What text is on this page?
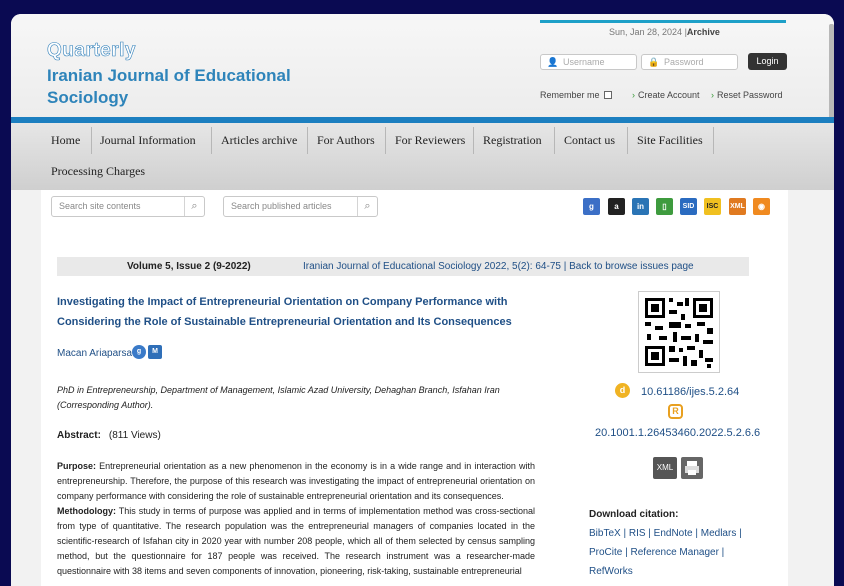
Quarterly
Iranian Journal of Educational
Sociology
Sun, Jan 28, 2024 |Archive
👤 Username	🔒 Password	Login
Remember me	› Create Account › Reset Password
Home Journal Information Articles archive For Authors For Reviewers Registration Contact us Site Facilities
Processing Charges
Search site contents	⌕	Search published articles	⌕	g	a	in	▯	SID	ISC	XML	◉
Volume 5, Issue 2 (9-2022)	Iranian Journal of Educational Sociology 2022, 5(2): 64-75 | Back to browse issues page
Investigating the Impact of Entrepreneurial Orientation on Company Performance with
Considering the Role of Sustainable Entrepreneurial Orientation and Its Consequences
Macan Ariaparsa g	M
PhD in Entrepreneurship, Department of Management, Islamic Azad University, Dehaghan Branch, Isfahan Iran (Corresponding Author).
Abstract: (811 Views)
Purpose: Entrepreneurial orientation as a new phenomenon in the economy is in a wide range and in interaction with entrepreneurship. Therefore, the purpose of this research was investigating the impact of entrepreneurial orientation on company performance with considering the role of sustainable entrepreneurial orientation and its consequences.
Methodology: This study in terms of purpose was applied and in terms of implementation method was cross-sectional from type of quantitative. The research population was the entrepreneurial managers of companies located in the scientific-research of Isfahan city in 2020 year with number 208 people, which all of them selected by census sampling method, but the questionnaire for 187 people was received. The research instrument was a researcher-made questionnaire with 38 items and seven components of innovation, pioneering, risk-taking, sustainable entrepreneurial
d	10.61186/ijes.5.2.64
R
20.1001.1.26453460.2022.5.2.6.6
XML
Download citation:
BibTeX | RIS | EndNote | Medlars |
ProCite | Reference Manager |
RefWorks
